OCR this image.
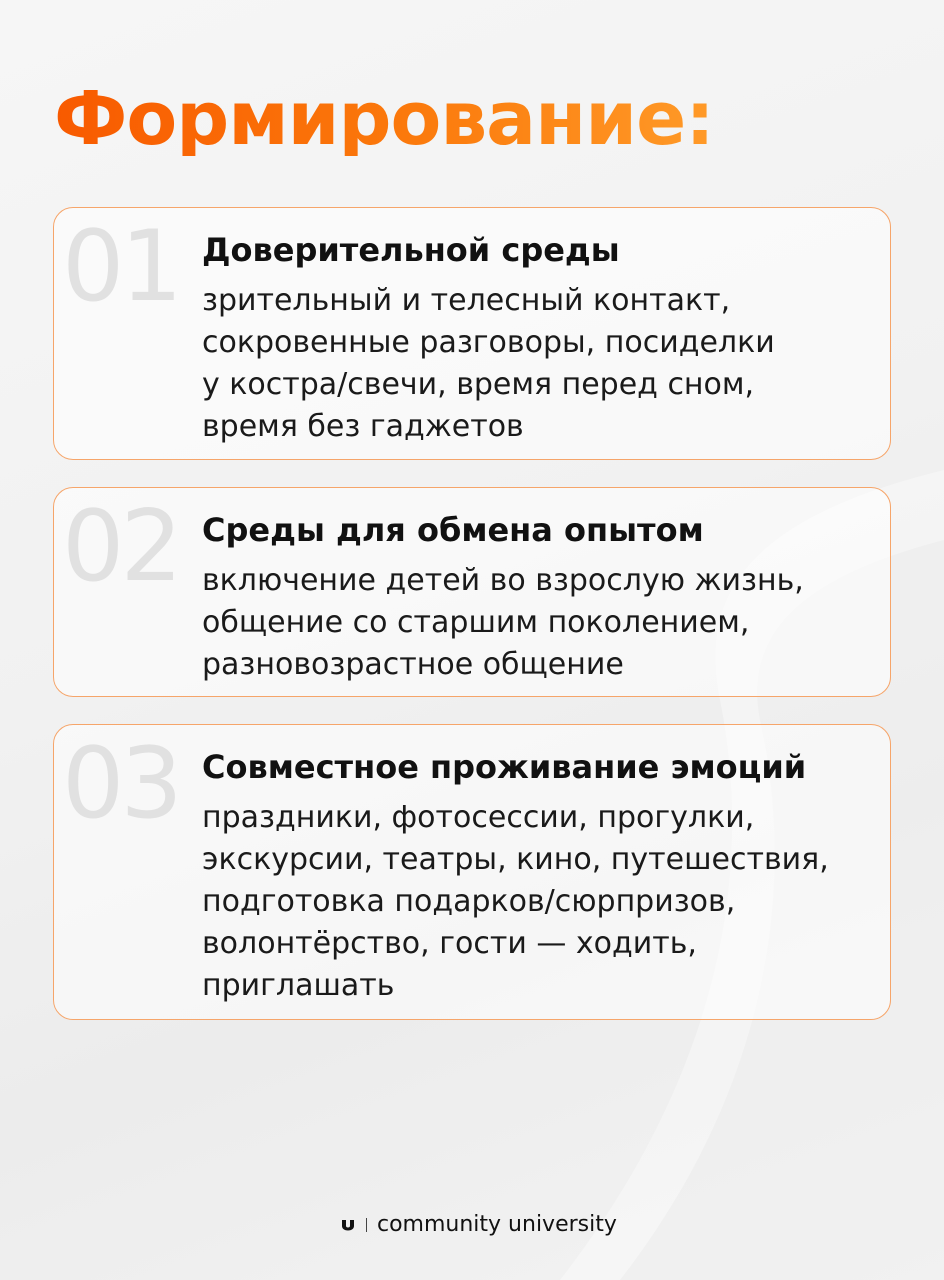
Формирование:
01 Доверительной среды
зрительный и телесный контакт,
сокровенные разговоры, посиделки
у костра/свечи, время перед сном,
время без гаджетов
02 Среды для обмена опытом
включение детей во взрослую жизнь,
общение со старшим поколением,
разновозрастное общение
03 Совместное проживание эмоций
праздники, фотосессии, прогулки,
экскурсии, театры, кино, путешествия,
подготовка подарков/сюрпризов,
волонтёрство, гости — ходить,
приглашать
community university
